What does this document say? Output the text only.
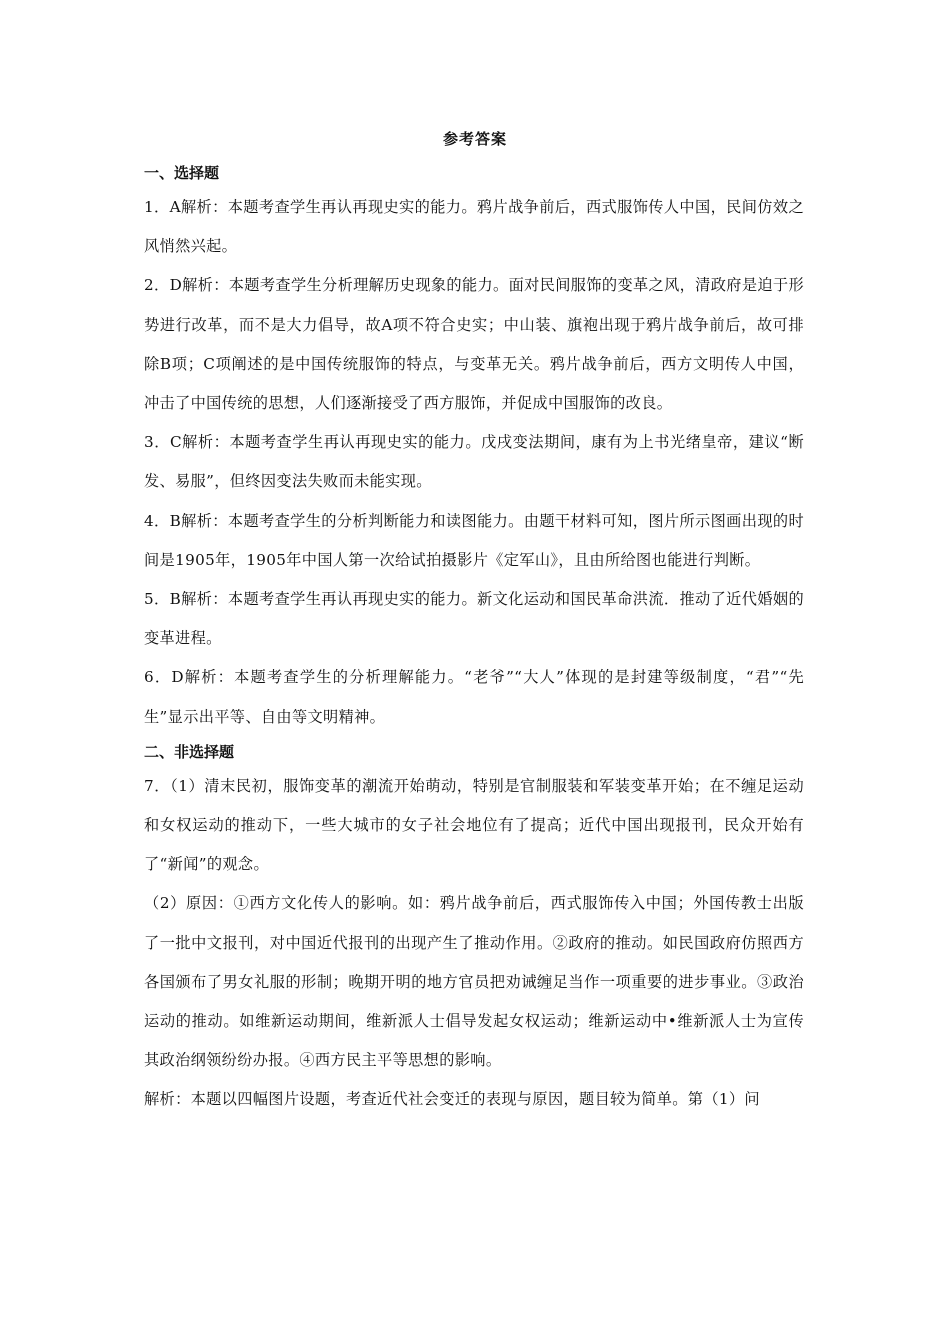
参考答案

一、选择题

1．A解析：本题考查学生再认再现史实的能力。鸦片战争前后，西式服饰传人中国，民间仿效之风悄然兴起。

2．D解析：本题考查学生分析理解历史现象的能力。面对民间服饰的变革之风，清政府是迫于形势进行改革，而不是大力倡导，故A项不符合史实；中山装、旗袍出现于鸦片战争前后，故可排除B项；C项阐述的是中国传统服饰的特点，与变革无关。鸦片战争前后，西方文明传人中国，冲击了中国传统的思想，人们逐渐接受了西方服饰，并促成中国服饰的改良。

3．C解析：本题考查学生再认再现史实的能力。戊戌变法期间，康有为上书光绪皇帝，建议“断发、易服”，但终因变法失败而未能实现。

4．B解析：本题考查学生的分析判断能力和读图能力。由题干材料可知，图片所示图画出现的时间是1905年，1905年中国人第一次给试拍摄影片《定军山》，且由所给图也能进行判断。

5．B解析：本题考查学生再认再现史实的能力。新文化运动和国民革命洪流．推动了近代婚姻的变革进程。

6．D解析：本题考查学生的分析理解能力。“老爷”“大人”体现的是封建等级制度，“君”“先生”显示出平等、自由等文明精神。

二、非选择题

7．（1）清末民初，服饰变革的潮流开始萌动，特别是官制服装和军装变革开始；在不缠足运动和女权运动的推动下，一些大城市的女子社会地位有了提高；近代中国出现报刊，民众开始有了“新闻”的观念。

（2）原因：①西方文化传人的影响。如：鸦片战争前后，西式服饰传入中国；外国传教士出版了一批中文报刊，对中国近代报刊的出现产生了推动作用。②政府的推动。如民国政府仿照西方各国颁布了男女礼服的形制；晚期开明的地方官员把劝诫缠足当作一项重要的进步事业。③政治运动的推动。如维新运动期间，维新派人士倡导发起女权运动；维新运动中•维新派人士为宣传其政治纲领纷纷办报。④西方民主平等思想的影响。

解析：本题以四幅图片设题，考查近代社会变迁的表现与原因，题目较为简单。第（1）问
